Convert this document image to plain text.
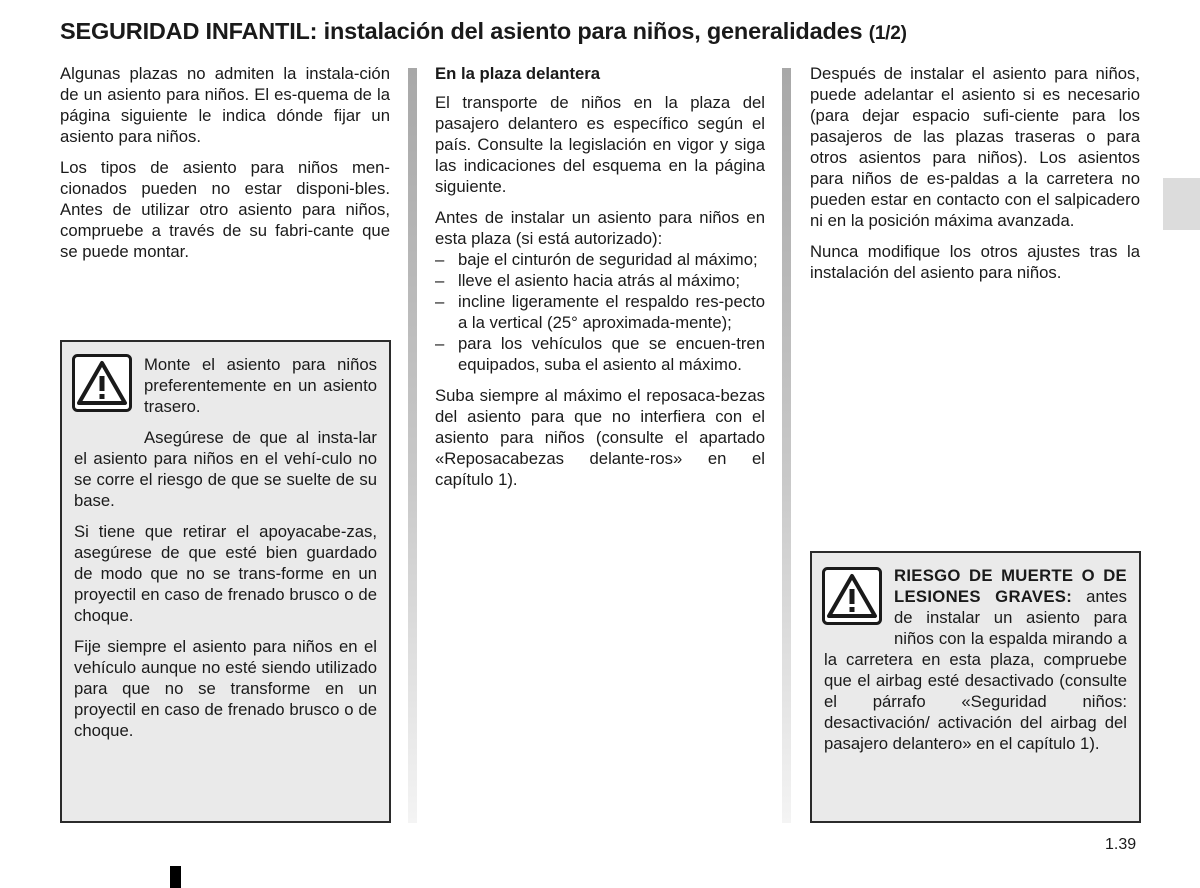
SEGURIDAD INFANTIL: instalación del asiento para niños, generalidades (1/2)

Algunas plazas no admiten la instala-ción de un asiento para niños. El es-quema de la página siguiente le indica dónde fijar un asiento para niños.

Los tipos de asiento para niños men-cionados pueden no estar disponi-bles. Antes de utilizar otro asiento para niños, compruebe a través de su fabri-cante que se puede montar.

Monte el asiento para niños preferentemente en un asiento trasero.

Asegúrese de que al insta-lar el asiento para niños en el vehí-culo no se corre el riesgo de que se suelte de su base.

Si tiene que retirar el apoyacabe-zas, asegúrese de que esté bien guardado de modo que no se trans-forme en un proyectil en caso de frenado brusco o de choque.

Fije siempre el asiento para niños en el vehículo aunque no esté siendo utilizado para que no se transforme en un proyectil en caso de frenado brusco o de choque.

En la plaza delantera

El transporte de niños en la plaza del pasajero delantero es específico según el país. Consulte la legislación en vigor y siga las indicaciones del esquema en la página siguiente.

Antes de instalar un asiento para niños en esta plaza (si está autorizado):

– baje el cinturón de seguridad al máximo;
– lleve el asiento hacia atrás al máximo;
– incline ligeramente el respaldo res-pecto a la vertical (25° aproximada-mente);
– para los vehículos que se encuen-tren equipados, suba el asiento al máximo.

Suba siempre al máximo el reposaca-bezas del asiento para que no interfiera con el asiento para niños (consulte el apartado «Reposacabezas delante-ros» en el capítulo 1).

Después de instalar el asiento para niños, puede adelantar el asiento si es necesario (para dejar espacio sufi-ciente para los pasajeros de las plazas traseras o para otros asientos para niños). Los asientos para niños de es-paldas a la carretera no pueden estar en contacto con el salpicadero ni en la posición máxima avanzada.

Nunca modifique los otros ajustes tras la instalación del asiento para niños.

RIESGO DE MUERTE O DE LESIONES GRAVES: antes de instalar un asiento para niños con la espalda mirando a la carretera en esta plaza, compruebe que el airbag esté desactivado (consulte el párrafo «Seguridad niños: desactivación/ activación del airbag del pasajero delantero» en el capítulo 1).

1.39
